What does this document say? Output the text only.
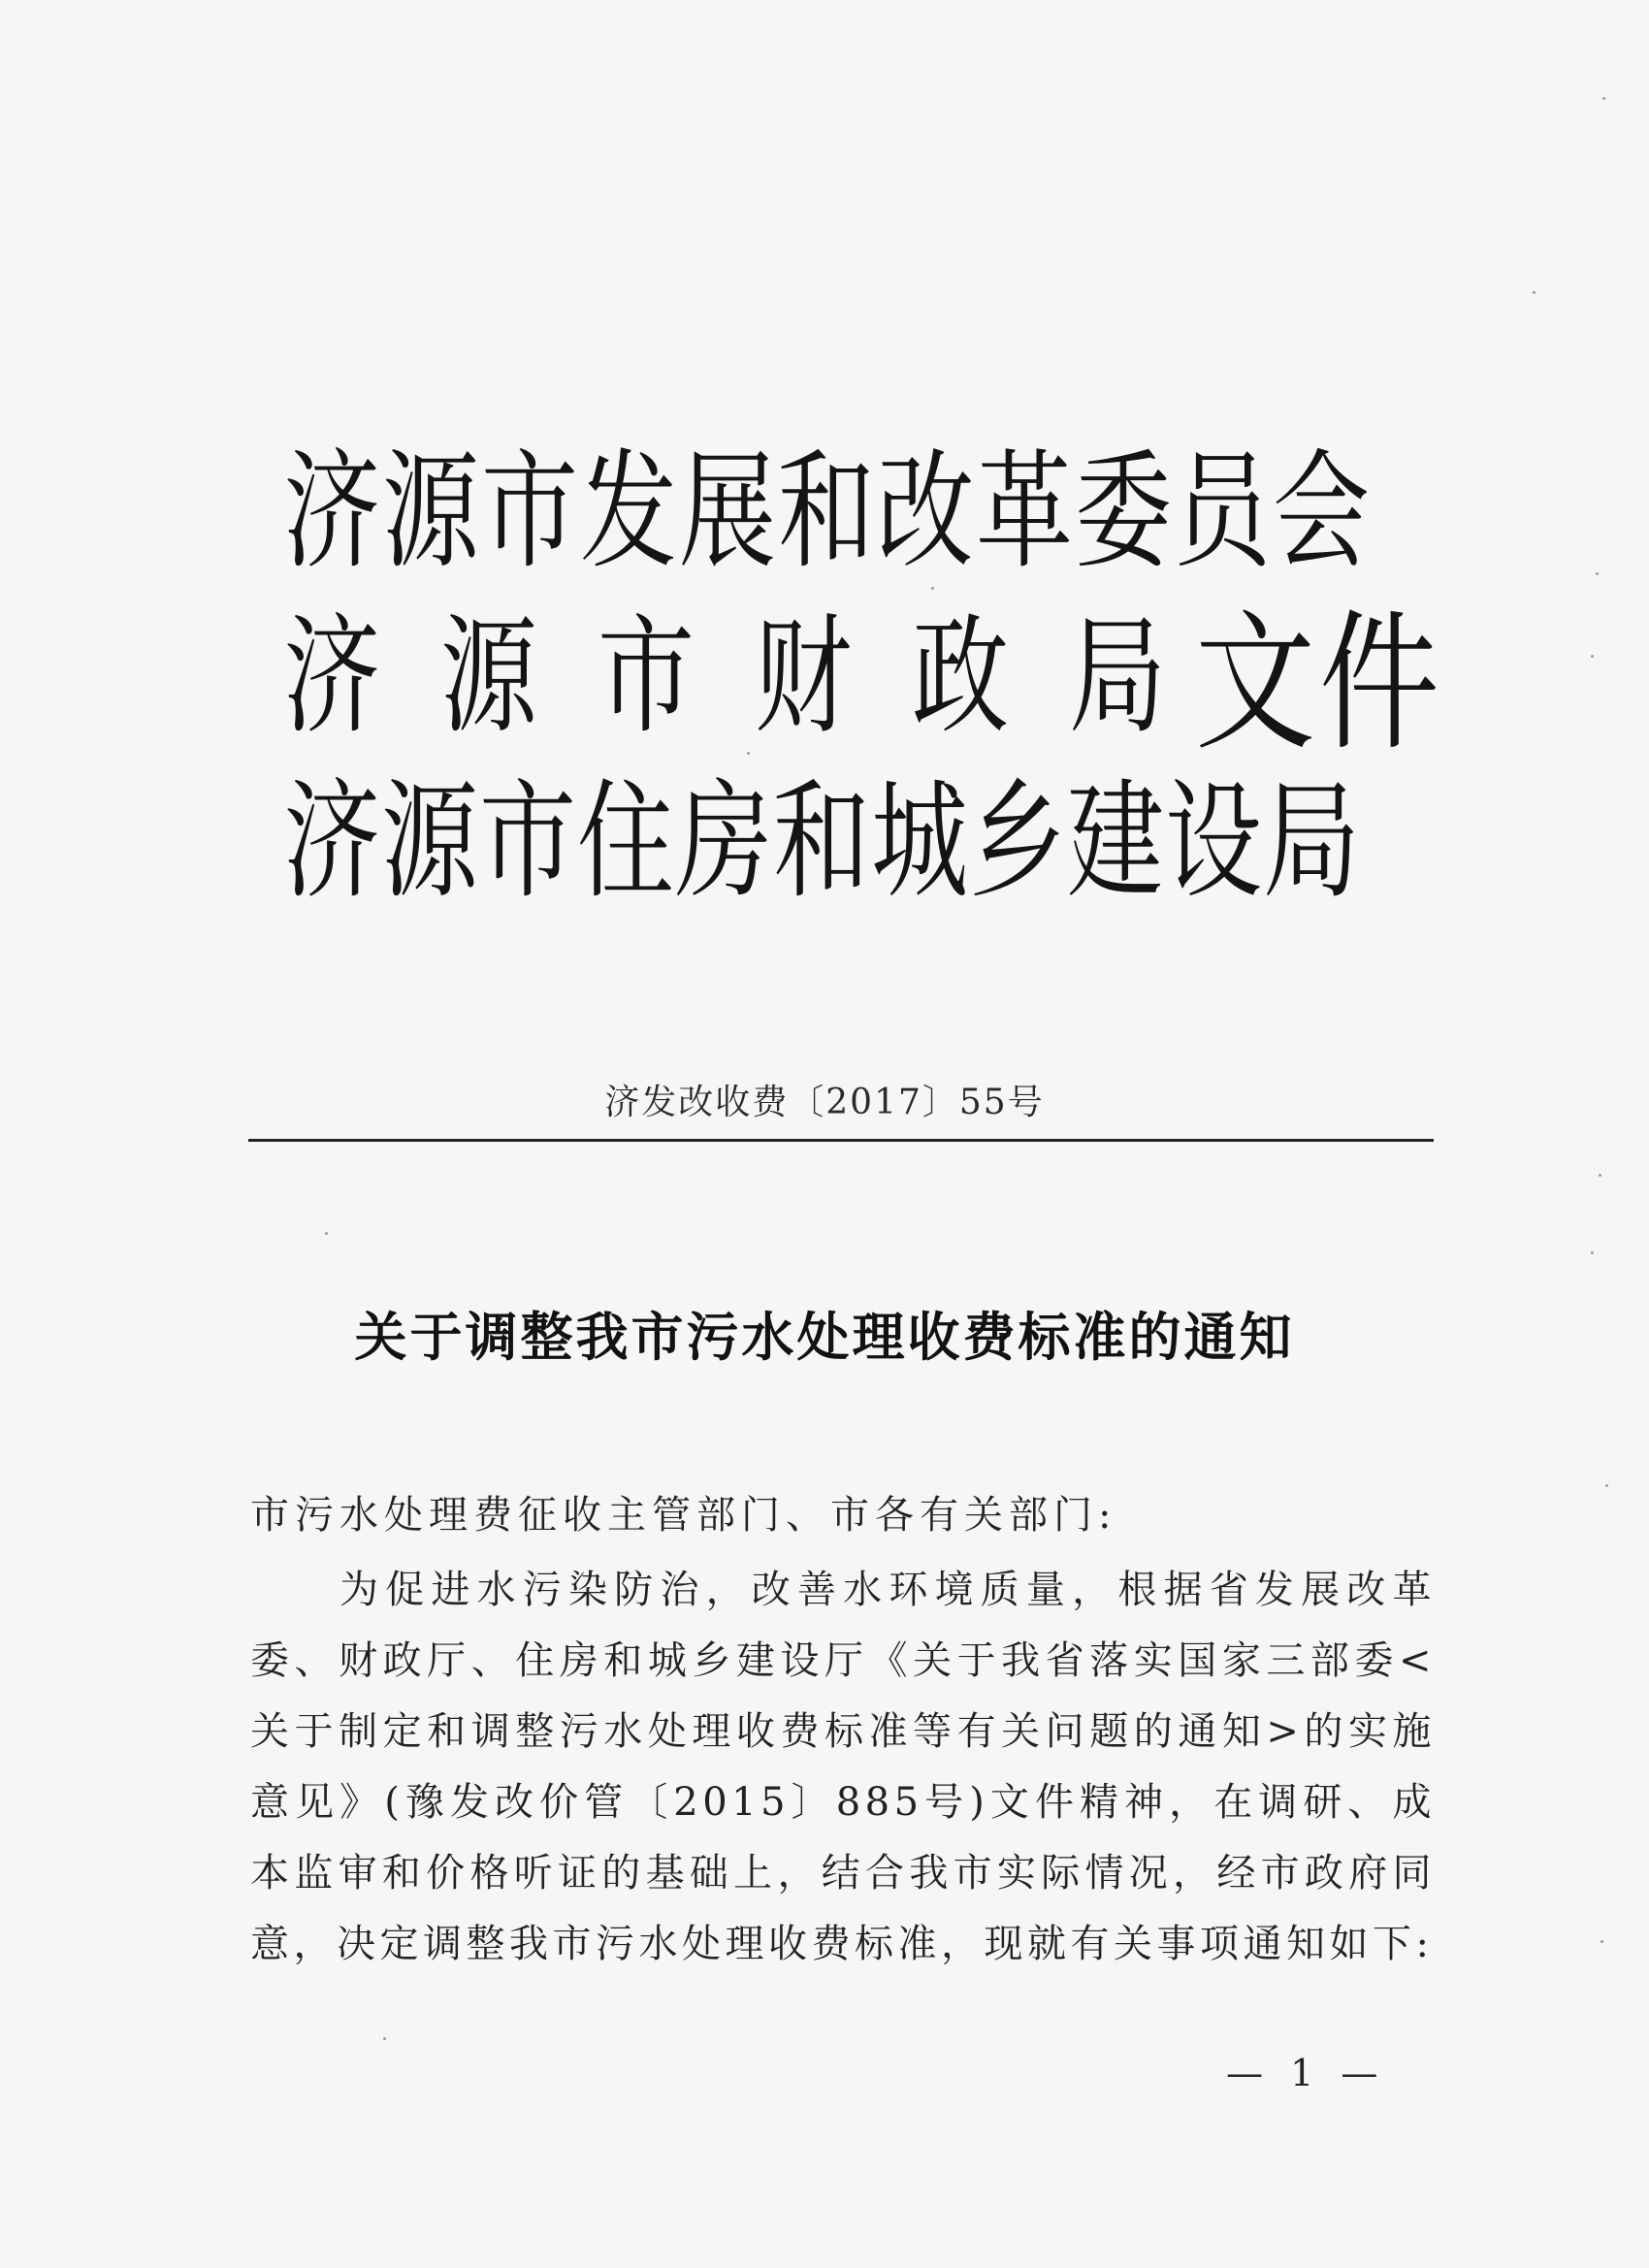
济源市发展和改革委员会
济源市财政局
济源市住房和城乡建设局
文件
济发改收费〔2017〕55号
关于调整我市污水处理收费标准的通知

市污水处理费征收主管部门、市各有关部门:

为促进水污染防治，改善水环境质量，根据省发展改革委、财政厅、住房和城乡建设厅《关于我省落实国家三部委<关于制定和调整污水处理收费标准等有关问题的通知>的实施意见》(豫发改价管〔2015〕885号)文件精神，在调研、成本监审和价格听证的基础上，结合我市实际情况，经市政府同意，决定调整我市污水处理收费标准，现就有关事项通知如下:

— 1 —
